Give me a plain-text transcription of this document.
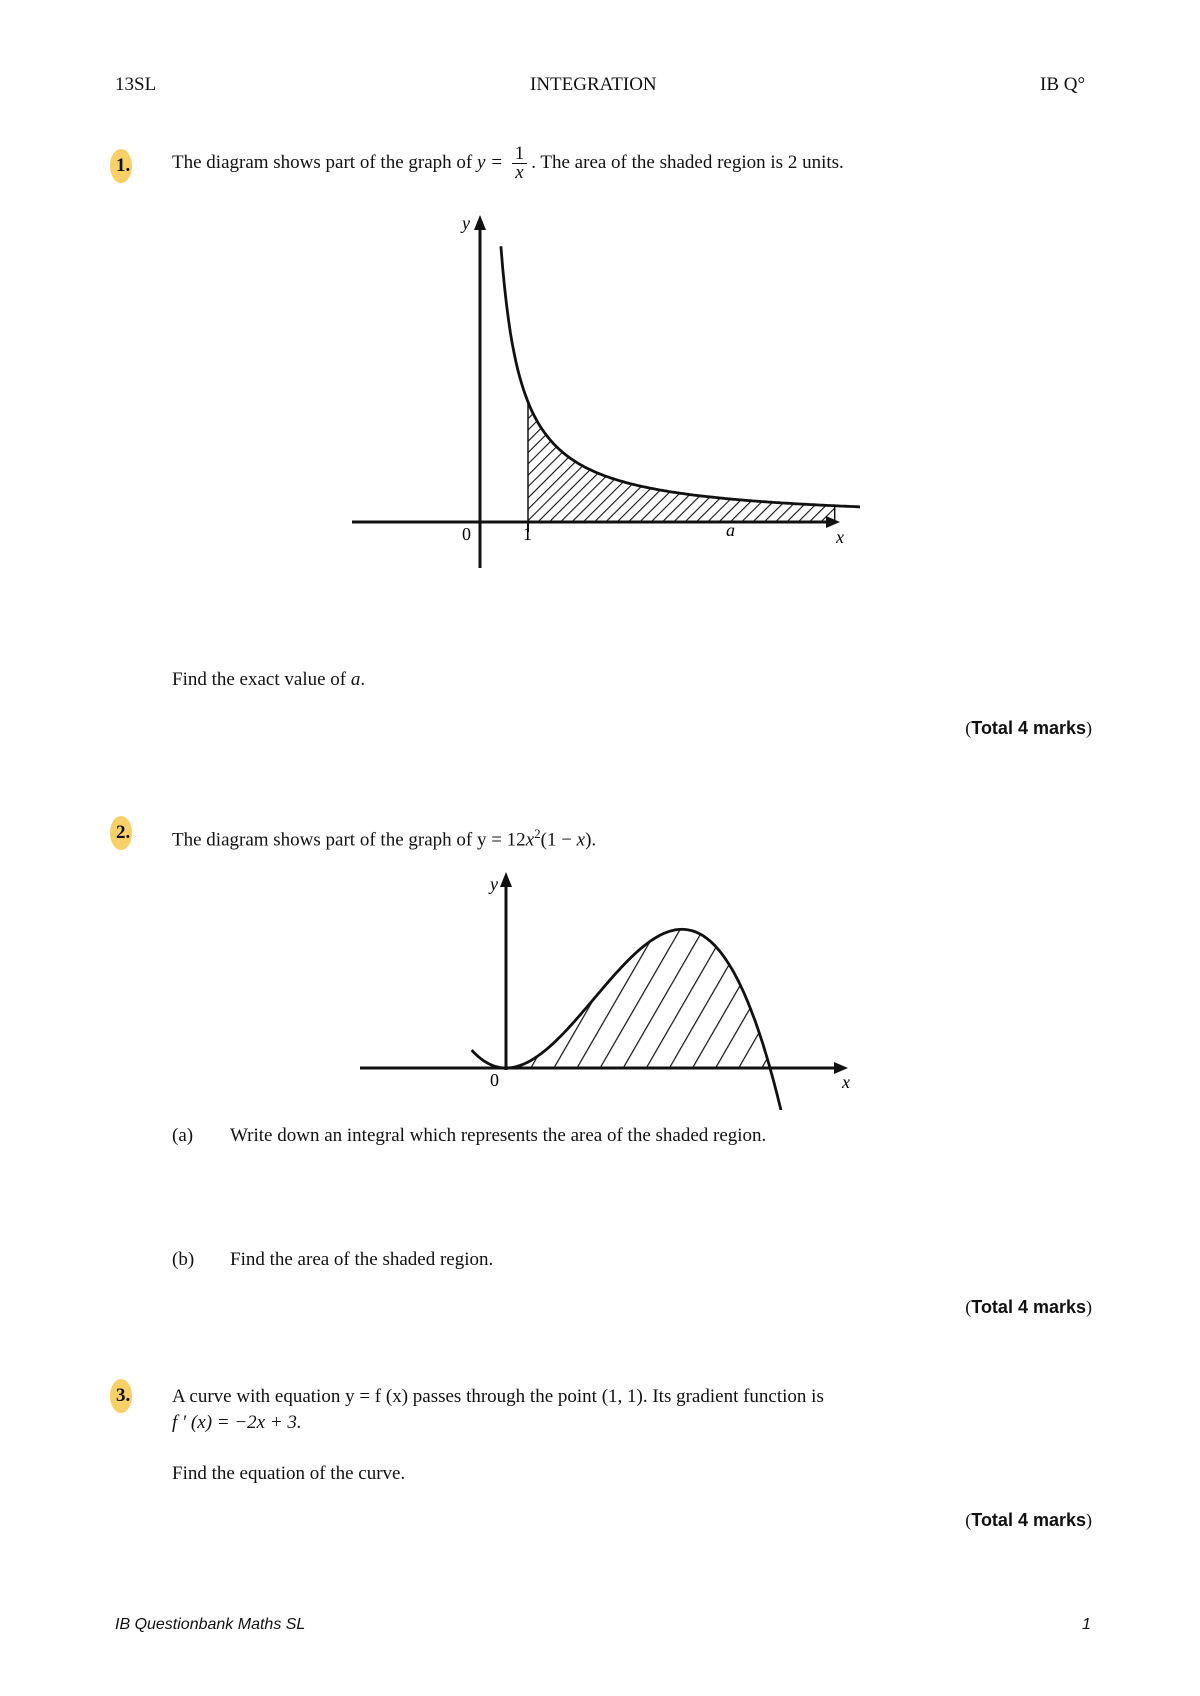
13SL	INTEGRATION	IB Q°
1. The diagram shows part of the graph of $y = \frac{1}{x}$ . The area of the shaded region is 2 units.
y
x
0	1	a
Find the exact value of a.
(Total 4 marks)
2. The diagram shows part of the graph of $y = 12x^2(1 - x)$.
y
x
0
(a) Write down an integral which represents the area of the shaded region.
(b) Find the area of the shaded region.
(Total 4 marks)
3. A curve with equation y = f (x) passes through the point (1, 1). Its gradient function is
f ′ (x) = −2x + 3.
Find the equation of the curve.
(Total 4 marks)
IB Questionbank Maths SL	1
